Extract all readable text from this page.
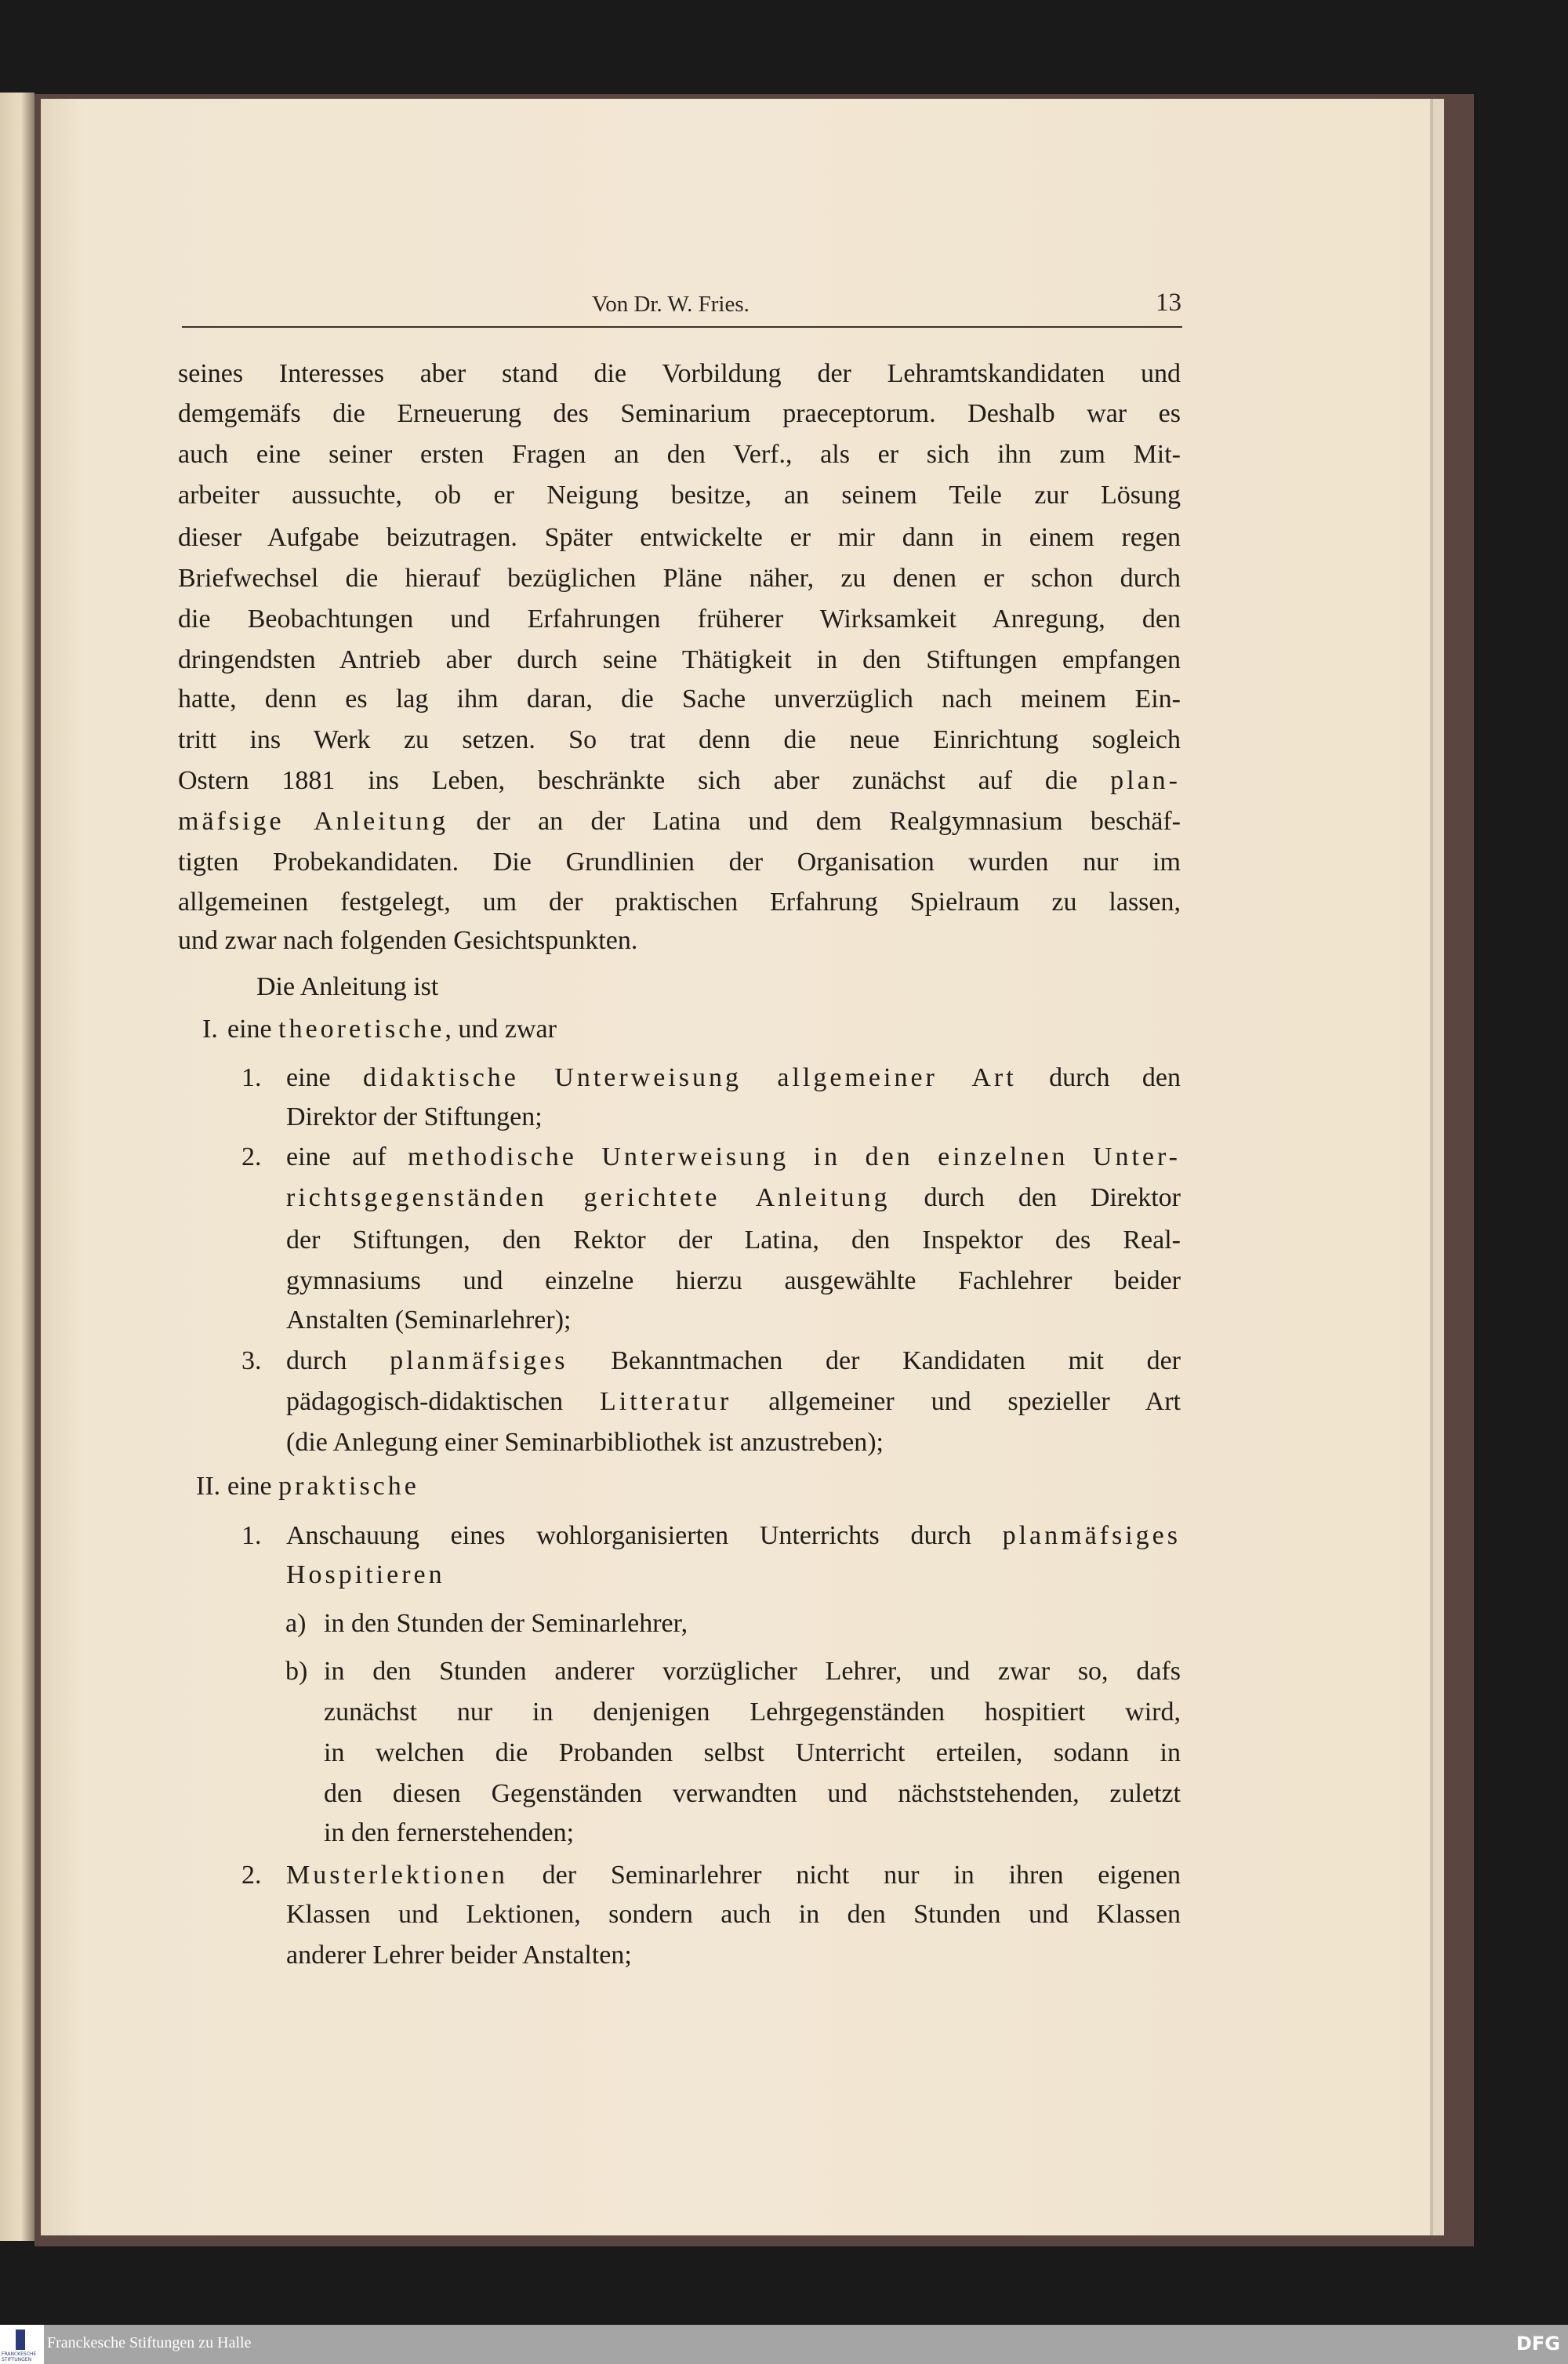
Von Dr. W. Fries.	13
seines Interesses aber stand die Vorbildung der Lehramtskandidaten und
demgemäfs die Erneuerung des Seminarium praeceptorum. Deshalb war es
auch eine seiner ersten Fragen an den Verf., als er sich ihn zum Mit-
arbeiter aussuchte, ob er Neigung besitze, an seinem Teile zur Lösung
dieser Aufgabe beizutragen. Später entwickelte er mir dann in einem regen
Briefwechsel die hierauf bezüglichen Pläne näher, zu denen er schon durch
die Beobachtungen und Erfahrungen früherer Wirksamkeit Anregung, den
dringendsten Antrieb aber durch seine Thätigkeit in den Stiftungen empfangen
hatte, denn es lag ihm daran, die Sache unverzüglich nach meinem Ein-
tritt ins Werk zu setzen. So trat denn die neue Einrichtung sogleich
Ostern 1881 ins Leben, beschränkte sich aber zunächst auf die plan-
mäfsige Anleitung der an der Latina und dem Realgymnasium beschäf-
tigten Probekandidaten. Die Grundlinien der Organisation wurden nur im
allgemeinen festgelegt, um der praktischen Erfahrung Spielraum zu lassen,
und zwar nach folgenden Gesichtspunkten.
Die Anleitung ist
I. eine theoretische, und zwar
1. eine didaktische Unterweisung allgemeiner Art durch den
Direktor der Stiftungen;
2. eine auf methodische Unterweisung in den einzelnen Unter-
richtsgegenständen gerichtete Anleitung durch den Direktor
der Stiftungen, den Rektor der Latina, den Inspektor des Real-
gymnasiums und einzelne hierzu ausgewählte Fachlehrer beider
Anstalten (Seminarlehrer);
3. durch planmäfsiges Bekanntmachen der Kandidaten mit der
pädagogisch-didaktischen Litteratur allgemeiner und spezieller Art
(die Anlegung einer Seminarbibliothek ist anzustreben);
II. eine praktische
1. Anschauung eines wohlorganisierten Unterrichts durch planmäfsiges
Hospitieren
a) in den Stunden der Seminarlehrer,
b) in den Stunden anderer vorzüglicher Lehrer, und zwar so, dafs
zunächst nur in denjenigen Lehrgegenständen hospitiert wird,
in welchen die Probanden selbst Unterricht erteilen, sodann in
den diesen Gegenständen verwandten und nächststehenden, zuletzt
in den fernerstehenden;
2. Musterlektionen der Seminarlehrer nicht nur in ihren eigenen
Klassen und Lektionen, sondern auch in den Stunden und Klassen
anderer Lehrer beider Anstalten;
FRANCKESCHE STIFTUNGEN
Franckesche Stiftungen zu Halle	DFG
